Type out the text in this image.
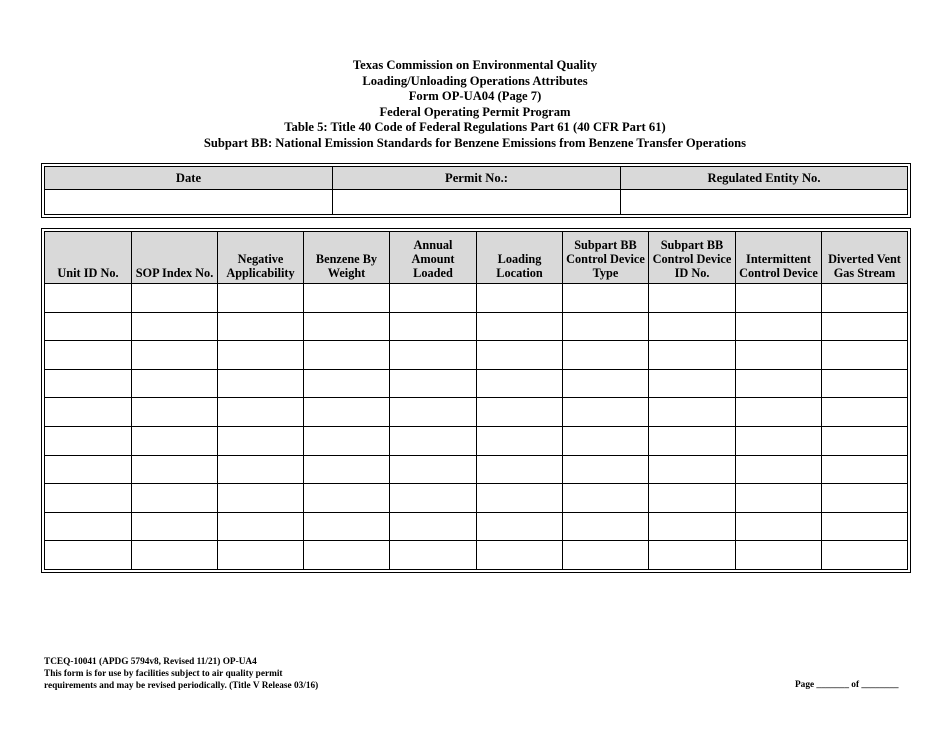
Texas Commission on Environmental Quality
Loading/Unloading Operations Attributes
Form OP-UA04 (Page 7)
Federal Operating Permit Program
Table 5: Title 40 Code of Federal Regulations Part 61 (40 CFR Part 61)
Subpart BB: National Emission Standards for Benzene Emissions from Benzene Transfer Operations
Date	Permit No.:	Regulated Entity No.

Unit ID No.	SOP Index No.	Negative Applicability	Benzene By Weight	Annual Amount Loaded	Loading Location	Subpart BB Control Device Type	Subpart BB Control Device ID No.	Intermittent Control Device	Diverted Vent Gas Stream

TCEQ-10041 (APDG 5794v8, Revised 11/21) OP-UA4
This form is for use by facilities subject to air quality permit
requirements and may be revised periodically. (Title V Release 03/16)	Page _______ of ________
